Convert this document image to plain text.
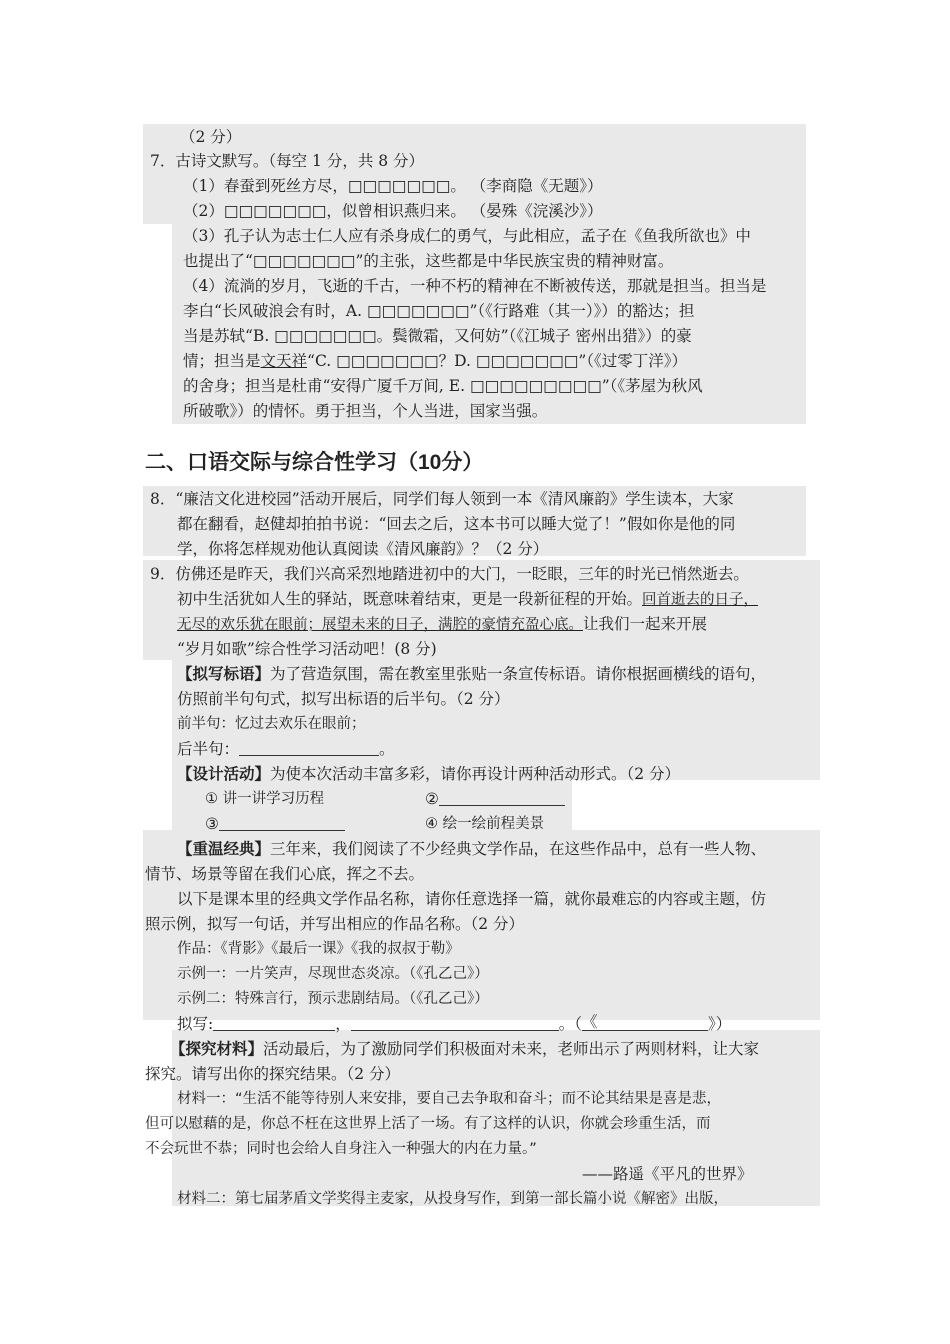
（2 分）
7．古诗文默写。（每空 1 分，共 8 分）
（1）春蚕到死丝方尽，□□□□□□□。 （李商隐《无题》）
（2）□□□□□□□，似曾相识燕归来。 （晏殊《浣溪沙》）
（3）孔子认为志士仁人应有杀身成仁的勇气，与此相应，孟子在《鱼我所欲也》中
也提出了“□□□□□□□”的主张，这些都是中华民族宝贵的精神财富。
（4）流淌的岁月，飞逝的千古，一种不朽的精神在不断被传送，那就是担当。担当是
李白“长风破浪会有时，A. □□□□□□□”（《行路难（其一）》）的豁达；担
当是苏轼“B. □□□□□□□。鬓微霜，又何妨”（《江城子 密州出猎》）的豪
情；担当是文天祥“C. □□□□□□□？D. □□□□□□□”（《过零丁洋》）
的舍身；担当是杜甫“安得广厦千万间, E. □□□□□□□□□”（《茅屋为秋风
所破歌》）的情怀。勇于担当，个人当进，国家当强。
二、口语交际与综合性学习（10分）
8．“廉洁文化进校园”活动开展后，同学们每人领到一本《清风廉韵》学生读本，大家
都在翻看，赵健却拍拍书说：“回去之后，这本书可以睡大觉了！”假如你是他的同
学，你将怎样规劝他认真阅读《清风廉韵》？（2 分）
9．仿佛还是昨天，我们兴高采烈地踏进初中的大门，一眨眼，三年的时光已悄然逝去。
初中生活犹如人生的驿站，既意味着结束，更是一段新征程的开始。回首逝去的日子，
无尽的欢乐犹在眼前；展望未来的日子，满腔的豪情充盈心底。让我们一起来开展
“岁月如歌”综合性学习活动吧！(8 分)
【拟写标语】为了营造氛围，需在教室里张贴一条宣传标语。请你根据画横线的语句，
仿照前半句句式，拟写出标语的后半句。（2 分）
前半句：忆过去欢乐在眼前；
后半句：	。
【设计活动】为使本次活动丰富多彩，请你再设计两种活动形式。（2 分）
① 讲一讲学习历程	②
③	④ 绘一绘前程美景
【重温经典】三年来，我们阅读了不少经典文学作品，在这些作品中，总有一些人物、
情节、场景等留在我们心底，挥之不去。
以下是课本里的经典文学作品名称，请你任意选择一篇，就你最难忘的内容或主题，仿
照示例，拟写一句话，并写出相应的作品名称。（2 分）
作品：《背影》《最后一课》《我的叔叔于勒》
示例一：一片笑声，尽现世态炎凉。（《孔乙己》）
示例二：特殊言行，预示悲剧结局。（《孔乙己》）
拟写:	，	。（ 《	》）
【探究材料】活动最后，为了激励同学们积极面对未来，老师出示了两则材料，让大家
探究。请写出你的探究结果。（2 分）
材料一：“生活不能等待别人来安排，要自己去争取和奋斗；而不论其结果是喜是悲，
但可以慰藉的是，你总不枉在这世界上活了一场。有了这样的认识，你就会珍重生活，而
不会玩世不恭；同时也会给人自身注入一种强大的内在力量。”
——路遥《平凡的世界》
材料二：第七届茅盾文学奖得主麦家，从投身写作，到第一部长篇小说《解密》出版，
